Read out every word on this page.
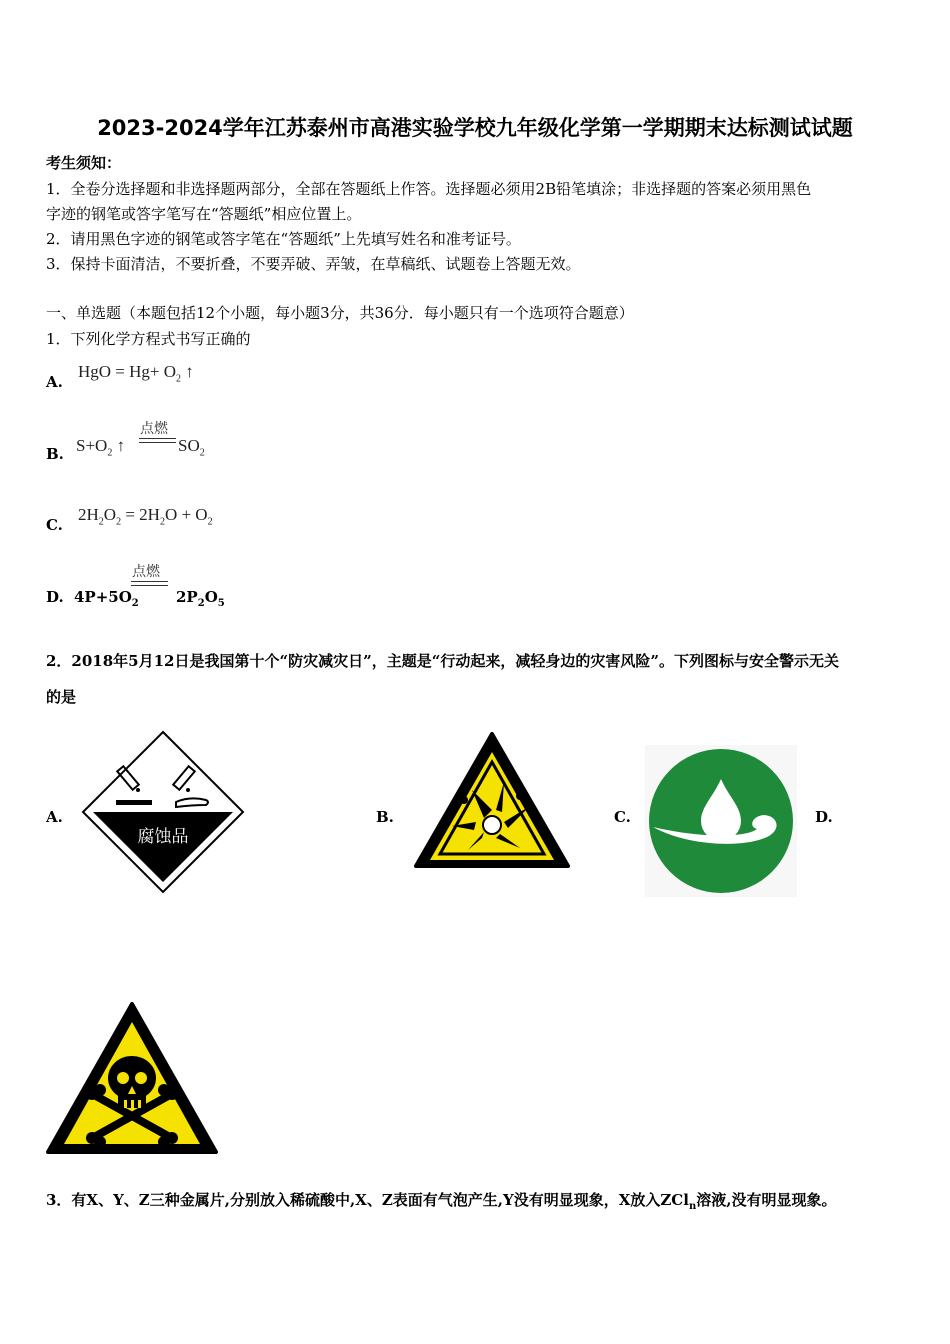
2023-2024学年江苏泰州市高港实验学校九年级化学第一学期期末达标测试试题
考生须知：
1．全卷分选择题和非选择题两部分，全部在答题纸上作答。选择题必须用2B铅笔填涂；非选择题的答案必须用黑色
字迹的钢笔或答字笔写在“答题纸”相应位置上。
2．请用黑色字迹的钢笔或答字笔在“答题纸”上先填写姓名和准考证号。
3．保持卡面清洁，不要折叠，不要弄破、弄皱，在草稿纸、试题卷上答题无效。
一、单选题（本题包括12个小题，每小题3分，共36分．每小题只有一个选项符合题意）
1．下列化学方程式书写正确的
A.
HgO = $Hg+ O_2$ ↑
B. $S+O_2$ ↑
点燃
$SO_2$
C.
$2H_2O_2 = 2H_2O + O_2$
D. $4P+5O_2$
点燃
$2P_2O_5$
2．2018年5月12日是我国第十个“防灾减灾日”，主题是“行动起来，减轻身边的灾害风险”。下列图标与安全警示无关
的是
A.	B.	C.	D.
腐蚀品
3．有X、Y、Z三种金属片,分别放入稀硫酸中,X、Z表面有气泡产生,Y没有明显现象，X放入ZCl$_n$溶液,没有明显现象。
